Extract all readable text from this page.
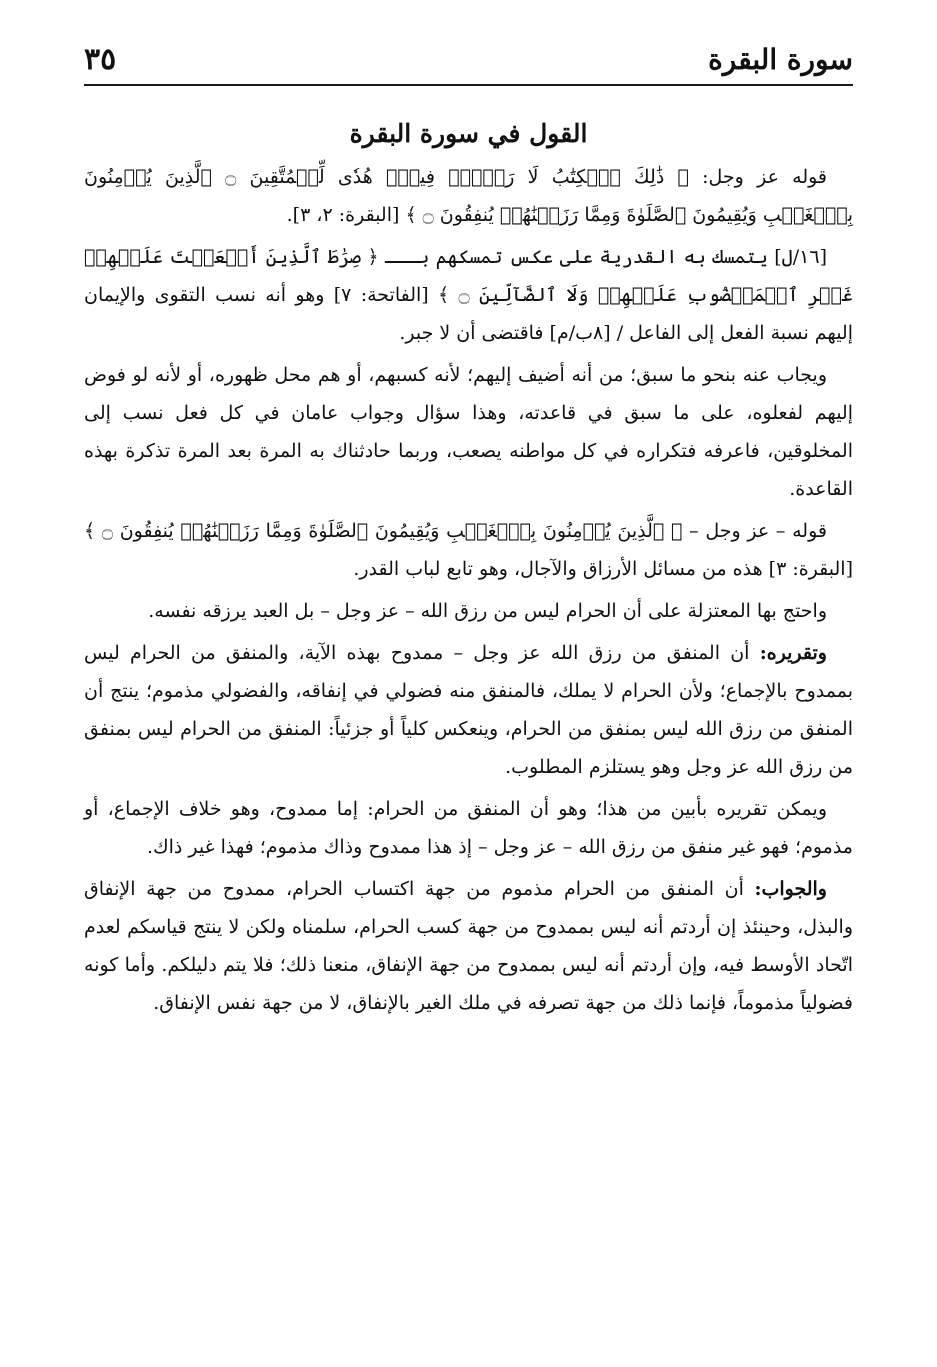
سورة البقرة
٣٥
القول في سورة البقرة

قوله عز وجل: ﴿ ذَٰلِكَ ٱلۡكِتَٰبُ لَا رَيۡبَۛ فِيهِۛ هُدٗى لِّلۡمُتَّقِينَ ۝ ٱلَّذِينَ يُؤۡمِنُونَ بِٱلۡغَيۡبِ وَيُقِيمُونَ ٱلصَّلَوٰةَ وَمِمَّا رَزَقۡنَٰهُمۡ يُنفِقُونَ ۝ ﴾ [البقرة: ٢، ٣].

[١٦/ل] يتمسك به القدرية على عكس تمسكهم بـــ ﴿ صِرَٰطَ ٱلَّذِينَ أَنۡعَمۡتَ عَلَيۡهِمۡ غَيۡرِ ٱلۡمَغۡضُوبِ عَلَيۡهِمۡ وَلَا ٱلضَّآلِّينَ ۝ ﴾ [الفاتحة: ٧] وهو أنه نسب التقوى والإيمان إليهم نسبة الفعل إلى الفاعل / [٨ب/م] فاقتضى أن لا جبر.

ويجاب عنه بنحو ما سبق؛ من أنه أضيف إليهم؛ لأنه كسبهم، أو هم محل ظهوره، أو لأنه لو فوض إليهم لفعلوه، على ما سبق في قاعدته، وهذا سؤال وجواب عامان في كل فعل نسب إلى المخلوقين، فاعرفه فتكراره في كل مواطنه يصعب، وربما حادثناك به المرة بعد المرة تذكرة بهذه القاعدة.

قوله – عز وجل – ﴿ ٱلَّذِينَ يُؤۡمِنُونَ بِٱلۡغَيۡبِ وَيُقِيمُونَ ٱلصَّلَوٰةَ وَمِمَّا رَزَقۡنَٰهُمۡ يُنفِقُونَ ۝ ﴾ [البقرة: ٣] هذه من مسائل الأرزاق والآجال، وهو تابع لباب القدر.

واحتج بها المعتزلة على أن الحرام ليس من رزق الله – عز وجل – بل العبد يرزقه نفسه.

وتقريره: أن المنفق من رزق الله عز وجل – ممدوح بهذه الآية، والمنفق من الحرام ليس بممدوح بالإجماع؛ ولأن الحرام لا يملك، فالمنفق منه فضولي في إنفاقه، والفضولي مذموم؛ ينتج أن المنفق من رزق الله ليس بمنفق من الحرام، وينعكس كلياً أو جزئياً: المنفق من الحرام ليس بمنفق من رزق الله عز وجل وهو يستلزم المطلوب.

ويمكن تقريره بأبين من هذا؛ وهو أن المنفق من الحرام: إما ممدوح، وهو خلاف الإجماع، أو مذموم؛ فهو غير منفق من رزق الله – عز وجل – إذ هذا ممدوح وذاك مذموم؛ فهذا غير ذاك.

والجواب: أن المنفق من الحرام مذموم من جهة اكتساب الحرام، ممدوح من جهة الإنفاق والبذل، وحينئذ إن أردتم أنه ليس بممدوح من جهة كسب الحرام، سلمناه ولكن لا ينتج قياسكم لعدم اتّحاد الأوسط فيه، وإن أردتم أنه ليس بممدوح من جهة الإنفاق، منعنا ذلك؛ فلا يتم دليلكم. وأما كونه فضولياً مذموماً، فإنما ذلك من جهة تصرفه في ملك الغير بالإنفاق، لا من جهة نفس الإنفاق.
